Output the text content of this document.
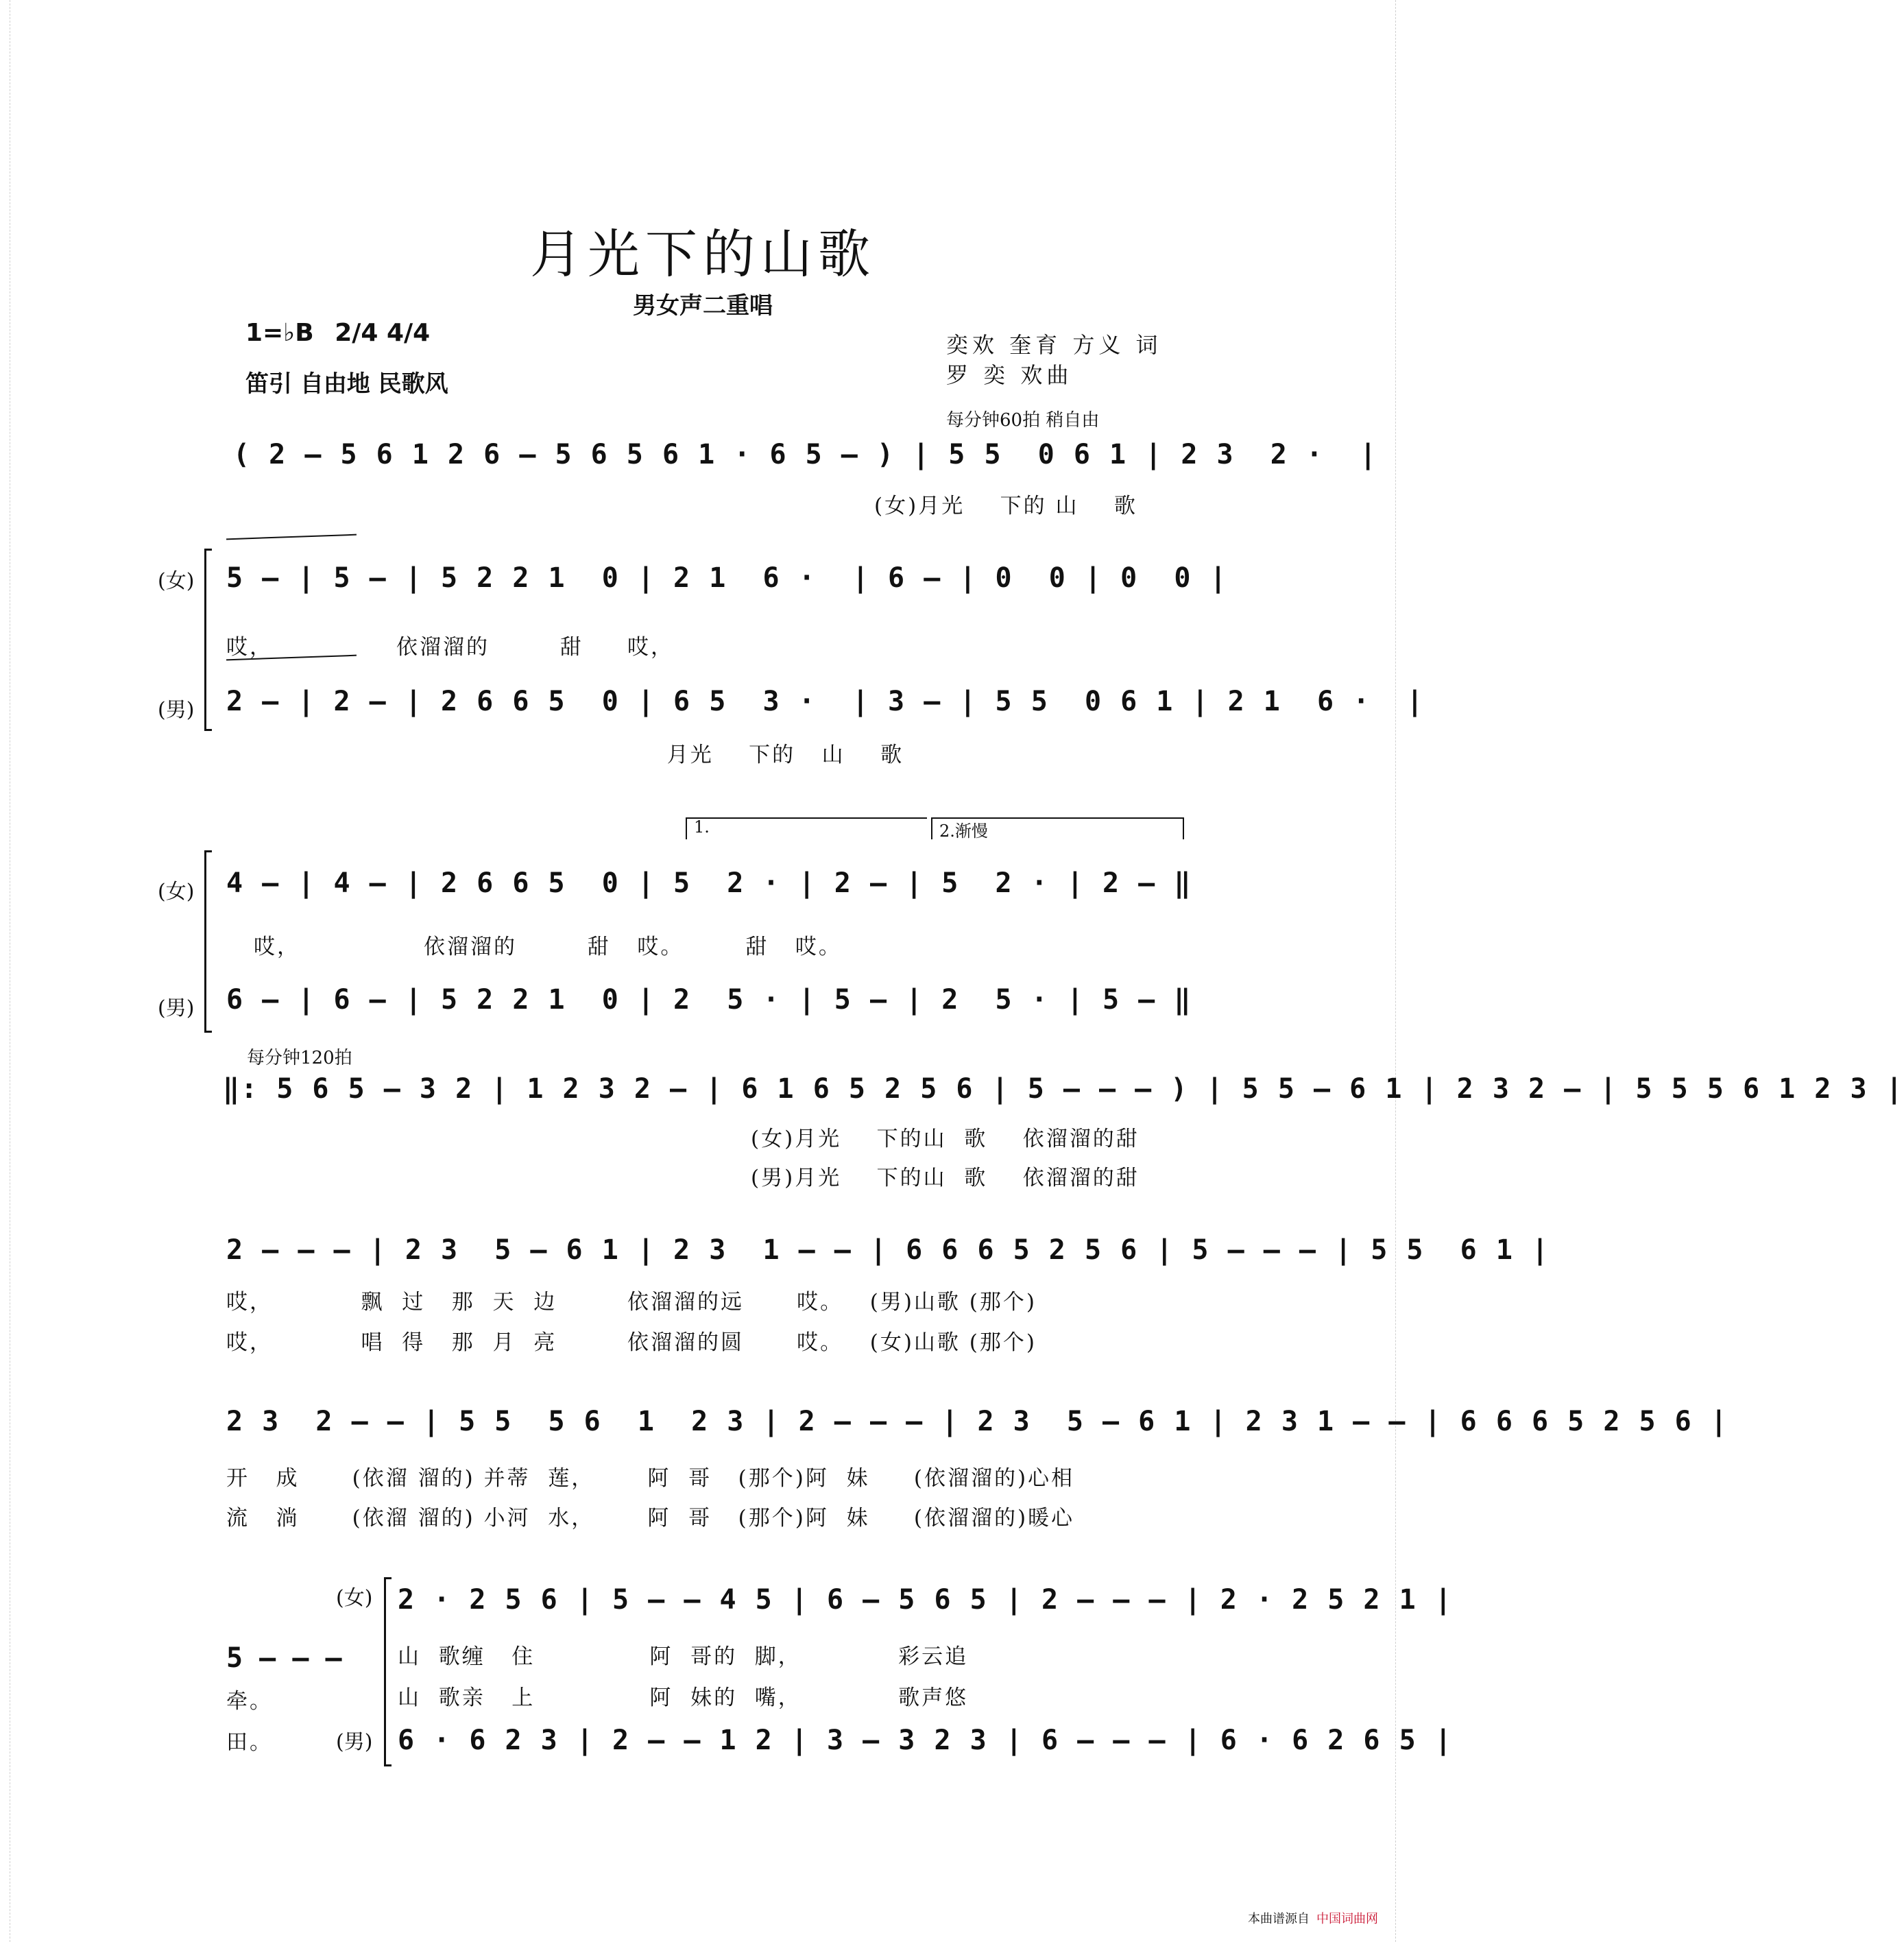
月光下的山歌
男女声二重唱
1=♭B 2/4 4/4
笛引 自由地 民歌风
奕欢 奎育 方义 词
罗 奕 欢曲
每分钟60拍 稍自由
( 2 — 5 6 1 2 6 — 5 6 5 6 1 · 6 5 — ) | 5 5  0 6 1 | 2 3  2 ·  |
(女)月光    下的 山    歌
(女)
(男)
5 — | 5 — | 5 2 2 1  0 | 2 1  6 ·  | 6 — | 0  0 | 0  0 |
哎，              依溜溜的        甜     哎，
2 — | 2 — | 2 6 6 5  0 | 6 5  3 ·  | 3 — | 5 5  0 6 1 | 2 1  6 ·  |
月光    下的   山    歌
1.	2.渐慢
(女)
(男)
4 — | 4 — | 2 6 6 5  0 | 5  2 · | 2 — | 5  2 · | 2 — ‖
哎，              依溜溜的        甜   哎。       甜   哎。
6 — | 6 — | 5 2 2 1  0 | 2  5 · | 5 — | 2  5 · | 5 — ‖
每分钟120拍
‖: 5 6 5 — 3 2 | 1 2 3 2 — | 6 1 6 5 2 5 6 | 5 — — — ) | 5 5 — 6 1 | 2 3 2 — | 5 5 5 6 1 2 3 |
(女)月光    下的山  歌    依溜溜的甜
(男)月光    下的山  歌    依溜溜的甜
2 — — — | 2 3  5 — 6 1 | 2 3  1 — — | 6 6 6 5 2 5 6 | 5 — — — | 5 5  6 1 |
哎，          飘  过   那  天  边        依溜溜的远      哎。   (男)山歌 (那个)
哎，          唱  得   那  月  亮        依溜溜的圆      哎。   (女)山歌 (那个)
2 3  2 — — | 5 5  5 6  1  2 3 | 2 — — — | 2 3  5 — 6 1 | 2 3 1 — — | 6 6 6 5 2 5 6 |
开   成      (依溜 溜的) 并蒂  莲，      阿  哥   (那个)阿  妹     (依溜溜的)心相
流   淌      (依溜 溜的) 小河  水，      阿  哥   (那个)阿  妹     (依溜溜的)暖心
(女)
(男)
2 · 2 5 6 | 5 — — 4 5 | 6 — 5 6 5 | 2 — — — | 2 · 2 5 2 1 |
山  歌缠   住             阿  哥的  脚，           彩云追
山  歌亲   上             阿  妹的  嘴，           歌声悠
6 · 6 2 3 | 2 — — 1 2 | 3 — 3 2 3 | 6 — — — | 6 · 6 2 6 5 |
5 — — —
牵。
田。
本曲谱源自 中国词曲网
